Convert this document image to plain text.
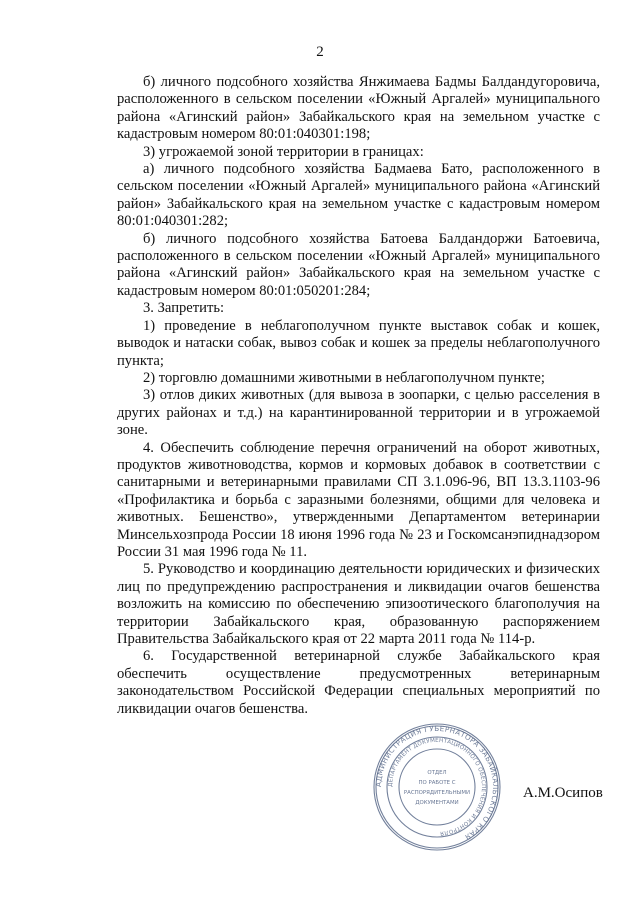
2

б) личного подсобного хозяйства Янжимаева Бадмы Балдандугоровича, расположенного в сельском поселении «Южный Аргалей» муниципального района «Агинский район» Забайкальского края на земельном участке с кадастровым номером 80:01:040301:198;

3) угрожаемой зоной территории в границах:

а) личного подсобного хозяйства Бадмаева Бато, расположенного в сельском поселении «Южный Аргалей» муниципального района «Агинский район» Забайкальского края на земельном участке с кадастровым номером 80:01:040301:282;

б) личного подсобного хозяйства Батоева Балдандоржи Батоевича, расположенного в сельском поселении «Южный Аргалей» муниципального района «Агинский район» Забайкальского края на земельном участке с кадастровым номером 80:01:050201:284;

3. Запретить:

1) проведение в неблагополучном пункте выставок собак и кошек, выводок и натаски собак, вывоз собак и кошек за пределы неблагополучного пункта;

2) торговлю домашними животными в неблагополучном пункте;

3) отлов диких животных (для вывоза в зоопарки, с целью расселения в других районах и т.д.) на карантинированной территории и в угрожаемой зоне.

4. Обеспечить соблюдение перечня ограничений на оборот животных, продуктов животноводства, кормов и кормовых добавок в соответствии с санитарными и ветеринарными правилами СП 3.1.096-96, ВП 13.3.1103-96 «Профилактика и борьба с заразными болезнями, общими для человека и животных. Бешенство», утвержденными Департаментом ветеринарии Минсельхозпрода России 18 июня 1996 года № 23 и Госкомсанэпиднадзором России 31 мая 1996 года № 11.

5. Руководство и координацию деятельности юридических и физических лиц по предупреждению распространения и ликвидации очагов бешенства возложить на комиссию по обеспечению эпизоотического благополучия на территории Забайкальского края, образованную распоряжением Правительства Забайкальского края от 22 марта 2011 года № 114-р.

6. Государственной ветеринарной службе Забайкальского края обеспечить осуществление предусмотренных ветеринарным законодательством Российской Федерации специальных мероприятий по ликвидации очагов бешенства.

АДМИНИСТРАЦИЯ ГУБЕРНАТОРА ЗАБАЙКАЛЬСКОГО КРАЯ
ДЕПАРТАМЕНТ ДОКУМЕНТАЦИОННОГО ОБЕСПЕЧЕНИЯ И КОНТРОЛЯ
ОТДЕЛ
ПО РАБОТЕ С
РАСПОРЯДИТЕЛЬНЫМИ
ДОКУМЕНТАМИ
А.М.Осипов
